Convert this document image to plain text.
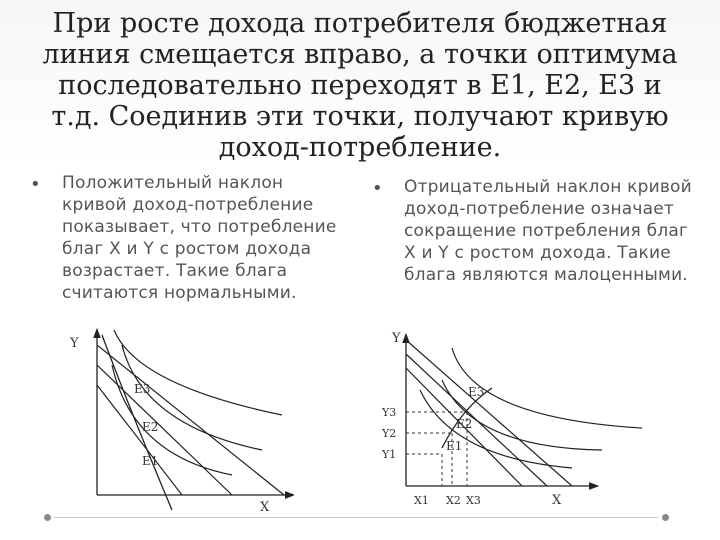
При росте дохода потребителя бюджетная линия смещается вправо, а точки оптимума последовательно переходят в Е1, Е2, Е3 и т.д. Соединив эти точки, получают кривую доход-потребление.
• Положительный наклон кривой доход-потребление показывает, что потребление благ X и Y с ростом дохода возрастает. Такие блага считаются нормальными.
• Отрицательный наклон кривой доход-потребление означает сокращение потребления благ X и Y с ростом дохода. Такие блага являются малоценными.
Y
X
E3
E2
E1
Y
X
E3
E2
E1
Y3
Y2
Y1
X1 X2 X3
